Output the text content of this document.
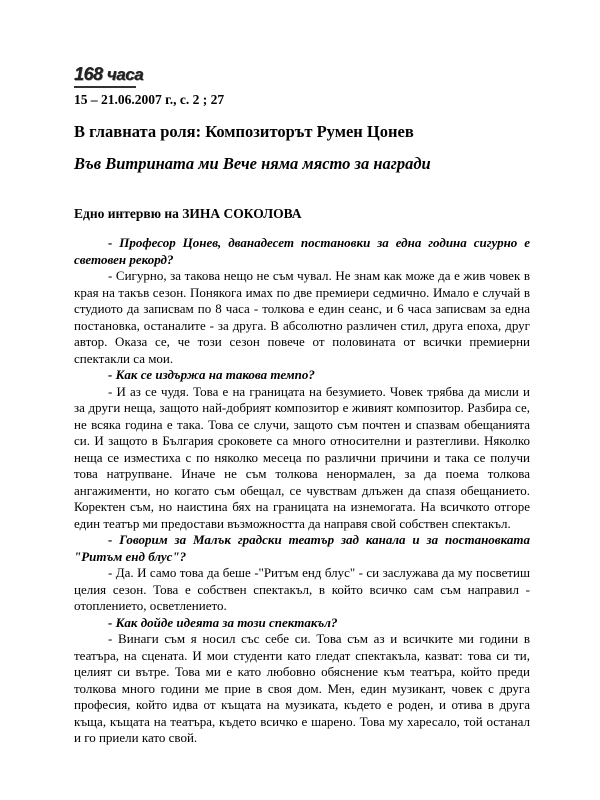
168 часа
15 – 21.06.2007 г., с. 2 ; 27
В главната роля: Композиторът Румен Цонев
Във Витрината ми Вече няма място за награди
Едно интервю на ЗИНА СОКОЛОВА

- Професор Цонев, дванадесет постановки за една година сигурно е световен рекорд?

- Сигурно, за такова нещо не съм чувал. Не знам как може да е жив човек в края на такъв сезон. Понякога имах по две премиери седмично. Имало е случай в студиото да записвам по 8 часа - толкова е един сеанс, и 6 часа записвам за една постановка, останалите - за друга. В абсолютно различен стил, друга епоха, друг автор. Оказа се, че този сезон повече от половината от всички премиерни спектакли са мои.

- Как се издържа на такова темпо?

- И аз се чудя. Това е на границата на безумието. Човек трябва да мисли и за други неща, защото най-добрият композитор е живият композитор. Разбира се, не всяка година е така. Това се случи, защото съм почтен и спазвам обещанията си. И защото в България сроковете са много относителни и разтегливи. Няколко неща се изместиха с по няколко месеца по различни причини и така се получи това натрупване. Иначе не съм толкова ненормален, за да поема толкова ангажименти, но когато съм обещал, се чувствам длъжен да спазя обещанието. Коректен съм, но наистина бях на границата на изнемогата. На всичкото отгоре един театър ми предостави възможността да направя свой собствен спектакъл.

- Говорим за Малък градски театър зад канала и за постановката "Ритъм енд блус"?

- Да. И само това да беше -"Ритъм енд блус" - си заслужава да му посветиш целия сезон. Това е собствен спектакъл, в който всичко сам съм направил - отоплението, осветлението.

- Как дойде идеята за този спектакъл?

- Винаги съм я носил със себе си. Това съм аз и всичките ми години в театъра, на сцената. И мои студенти като гледат спектакъла, казват: това си ти, целият си вътре. Това ми е като любовно обяснение към театъра, който преди толкова много години ме прие в своя дом. Мен, един музикант, човек с друга професия, който идва от къщата на музиката, където е роден, и отива в друга къща, къщата на театъра, където всичко е шарено. Това му харесало, той останал и го приели като свой.
